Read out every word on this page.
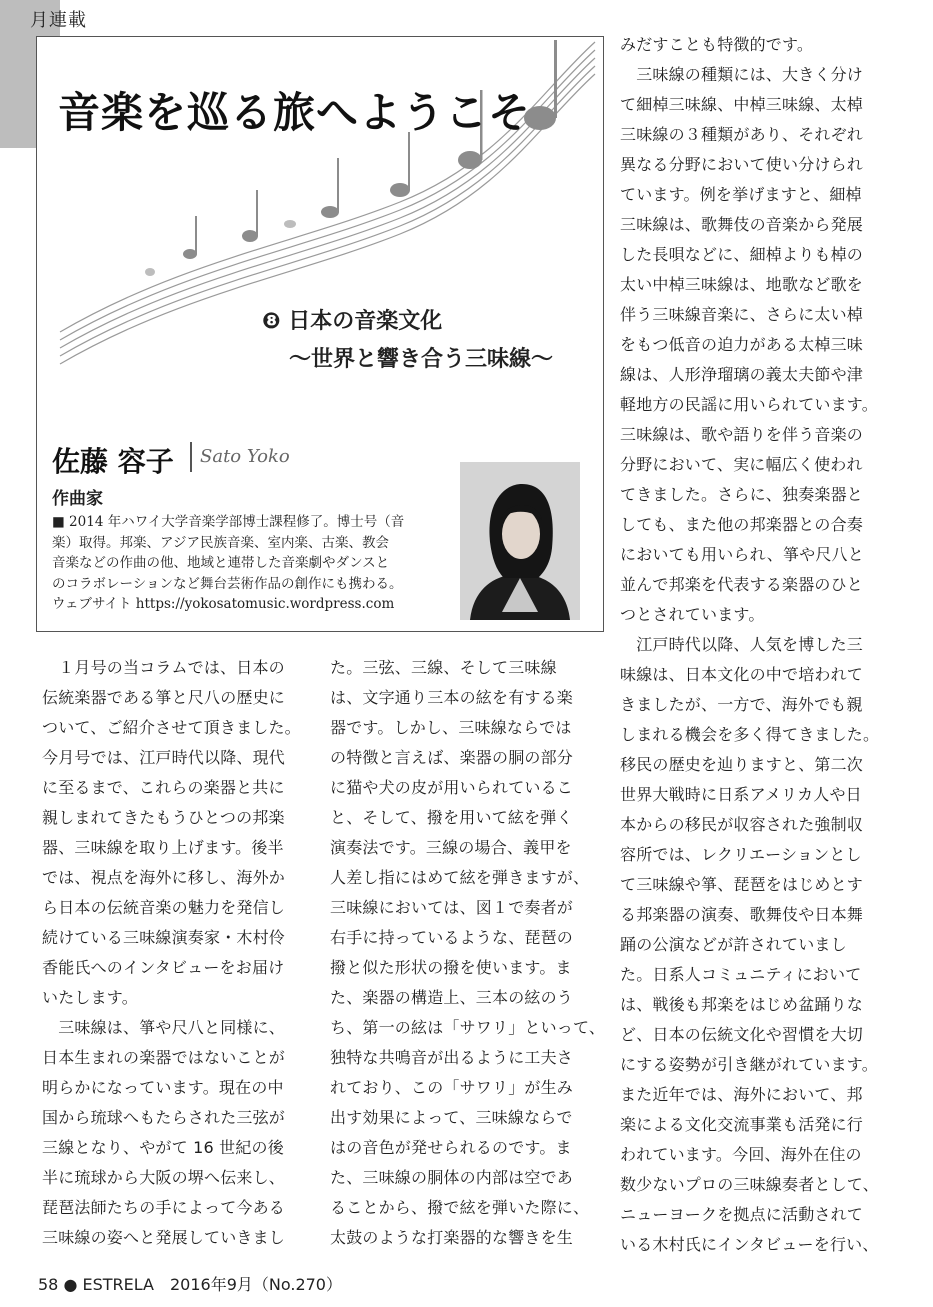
月連載
音楽を巡る旅へようこそ
❽ 日本の音楽文化
〜世界と響き合う三味線〜
佐藤 容子 Sato Yoko
作曲家

■ 2014 年ハワイ大学音楽学部博士課程修了。博士号（音

楽）取得。邦楽、アジア民族音楽、室内楽、古楽、教会

音楽などの作曲の他、地域と連帯した音楽劇やダンスと

のコラボレーションなど舞台芸術作品の創作にも携わる。

ウェブサイト https://yokosatomusic.wordpress.com

　１月号の当コラムでは、日本の

伝統楽器である箏と尺八の歴史に

ついて、ご紹介させて頂きました。

今月号では、江戸時代以降、現代

に至るまで、これらの楽器と共に

親しまれてきたもうひとつの邦楽

器、三味線を取り上げます。後半

では、視点を海外に移し、海外か

ら日本の伝統音楽の魅力を発信し

続けている三味線演奏家・木村伶

香能氏へのインタビューをお届け

いたします。

　三味線は、箏や尺八と同様に、

日本生まれの楽器ではないことが

明らかになっています。現在の中

国から琉球へもたらされた三弦が

三線となり、やがて 16 世紀の後

半に琉球から大阪の堺へ伝来し、

琵琶法師たちの手によって今ある

三味線の姿へと発展していきまし

た。三弦、三線、そして三味線

は、文字通り三本の絃を有する楽

器です。しかし、三味線ならでは

の特徴と言えば、楽器の胴の部分

に猫や犬の皮が用いられているこ

と、そして、撥を用いて絃を弾く

演奏法です。三線の場合、義甲を

人差し指にはめて絃を弾きますが、

三味線においては、図１で奏者が

右手に持っているような、琵琶の

撥と似た形状の撥を使います。ま

た、楽器の構造上、三本の絃のう

ち、第一の絃は「サワリ」といって、

独特な共鳴音が出るように工夫さ

れており、この「サワリ」が生み

出す効果によって、三味線ならで

はの音色が発せられるのです。ま

た、三味線の胴体の内部は空であ

ることから、撥で絃を弾いた際に、

太鼓のような打楽器的な響きを生

みだすことも特徴的です。

　三味線の種類には、大きく分け

て細棹三味線、中棹三味線、太棹

三味線の３種類があり、それぞれ

異なる分野において使い分けられ

ています。例を挙げますと、細棹

三味線は、歌舞伎の音楽から発展

した長唄などに、細棹よりも棹の

太い中棹三味線は、地歌など歌を

伴う三味線音楽に、さらに太い棹

をもつ低音の迫力がある太棹三味

線は、人形浄瑠璃の義太夫節や津

軽地方の民謡に用いられています。

三味線は、歌や語りを伴う音楽の

分野において、実に幅広く使われ

てきました。さらに、独奏楽器と

しても、また他の邦楽器との合奏

においても用いられ、箏や尺八と

並んで邦楽を代表する楽器のひと

つとされています。

　江戸時代以降、人気を博した三

味線は、日本文化の中で培われて

きましたが、一方で、海外でも親

しまれる機会を多く得てきました。

移民の歴史を辿りますと、第二次

世界大戦時に日系アメリカ人や日

本からの移民が収容された強制収

容所では、レクリエーションとし

て三味線や箏、琵琶をはじめとす

る邦楽器の演奏、歌舞伎や日本舞

踊の公演などが許されていまし

た。日系人コミュニティにおいて

は、戦後も邦楽をはじめ盆踊りな

ど、日本の伝統文化や習慣を大切

にする姿勢が引き継がれています。

また近年では、海外において、邦

楽による文化交流事業も活発に行

われています。今回、海外在住の

数少ないプロの三味線奏者として、

ニューヨークを拠点に活動されて

いる木村氏にインタビューを行い、

58 ● ESTRELA　2016年9月（No.270）
